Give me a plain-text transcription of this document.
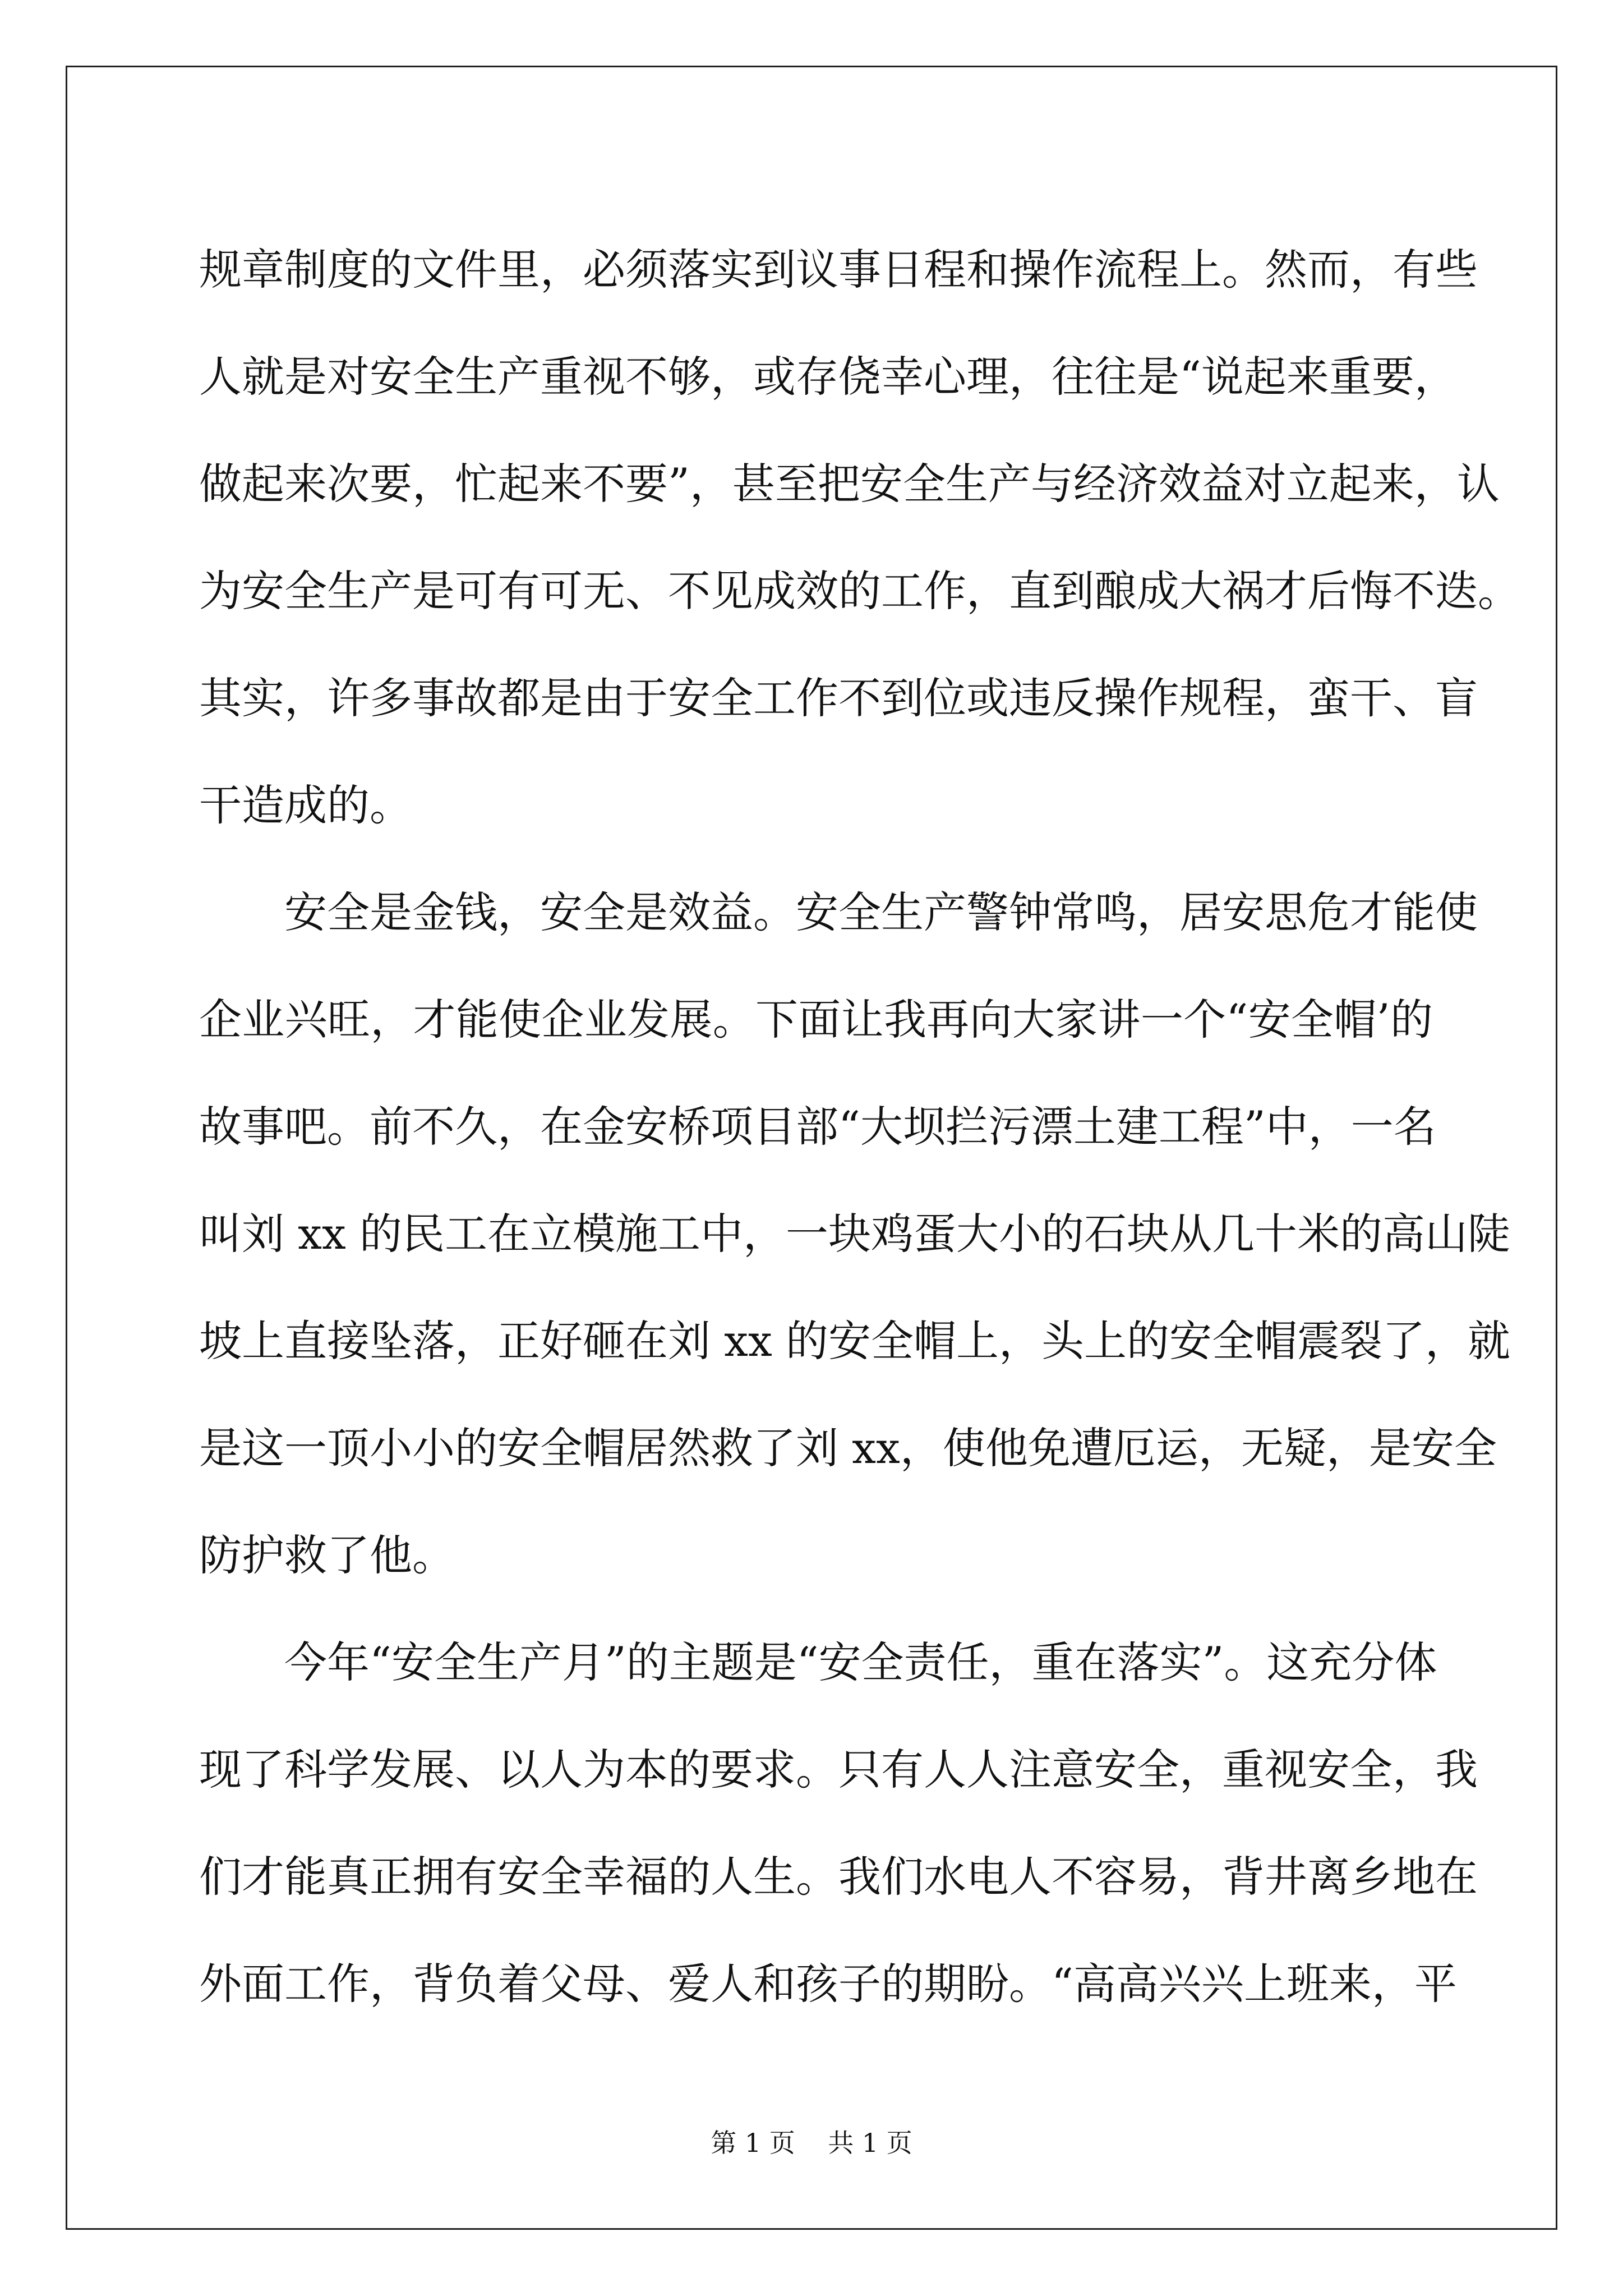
规章制度的文件里，必须落实到议事日程和操作流程上。然而，有些
人就是对安全生产重视不够，或存侥幸心理，往往是“说起来重要，
做起来次要，忙起来不要”，甚至把安全生产与经济效益对立起来，认
为安全生产是可有可无、不见成效的工作，直到酿成大祸才后悔不迭。
其实，许多事故都是由于安全工作不到位或违反操作规程，蛮干、盲
干造成的。
安全是金钱，安全是效益。安全生产警钟常鸣，居安思危才能使
企业兴旺，才能使企业发展。下面让我再向大家讲一个“安全帽’的
故事吧。前不久，在金安桥项目部“大坝拦污漂土建工程”中，一名
叫刘 xx 的民工在立模施工中，一块鸡蛋大小的石块从几十米的高山陡
坡上直接坠落，正好砸在刘 xx 的安全帽上，头上的安全帽震裂了，就
是这一顶小小的安全帽居然救了刘 xx，使他免遭厄运，无疑，是安全
防护救了他。
今年“安全生产月”的主题是“安全责任，重在落实”。这充分体
现了科学发展、以人为本的要求。只有人人注意安全，重视安全，我
们才能真正拥有安全幸福的人生。我们水电人不容易，背井离乡地在
外面工作，背负着父母、爱人和孩子的期盼。“高高兴兴上班来，平
第 1 页 共 1 页
